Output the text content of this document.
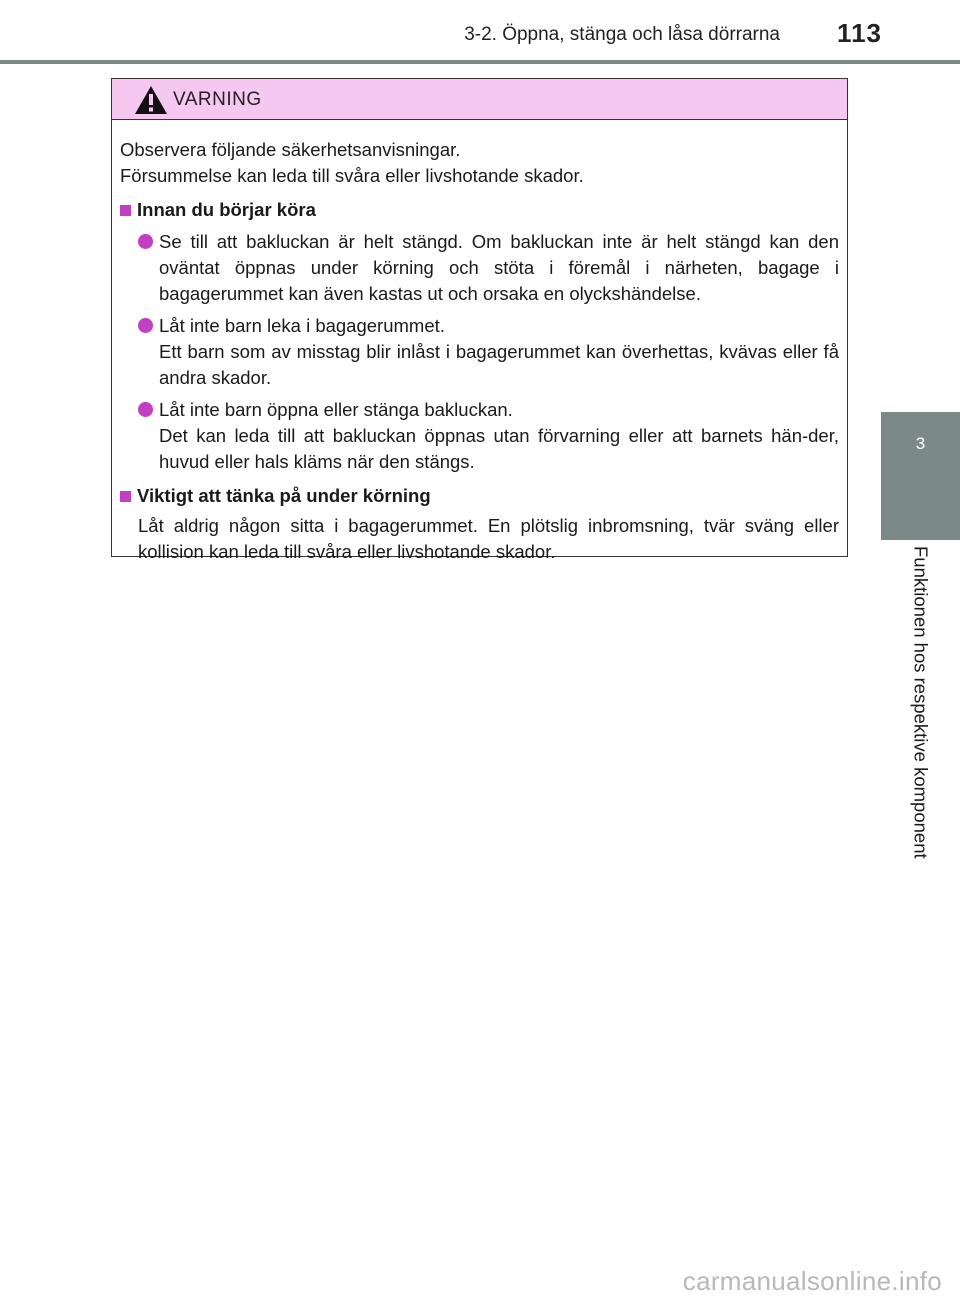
3-2. Öppna, stänga och låsa dörrarna 113
3
Funktionen hos respektive komponent
VARNING

Observera följande säkerhetsanvisningar.

Försummelse kan leda till svåra eller livshotande skador.

Innan du börjar köra

Se till att bakluckan är helt stängd. Om bakluckan inte är helt stängd kan den oväntat öppnas under körning och stöta i föremål i närheten, bagage i bagagerummet kan även kastas ut och orsaka en olyckshändelse.

Låt inte barn leka i bagagerummet.

Ett barn som av misstag blir inlåst i bagagerummet kan överhettas, kvävas eller få andra skador.

Låt inte barn öppna eller stänga bakluckan.

Det kan leda till att bakluckan öppnas utan förvarning eller att barnets hän-der, huvud eller hals kläms när den stängs.

Viktigt att tänka på under körning

Låt aldrig någon sitta i bagagerummet. En plötslig inbromsning, tvär sväng eller kollision kan leda till svåra eller livshotande skador.

carmanualsonline.info
